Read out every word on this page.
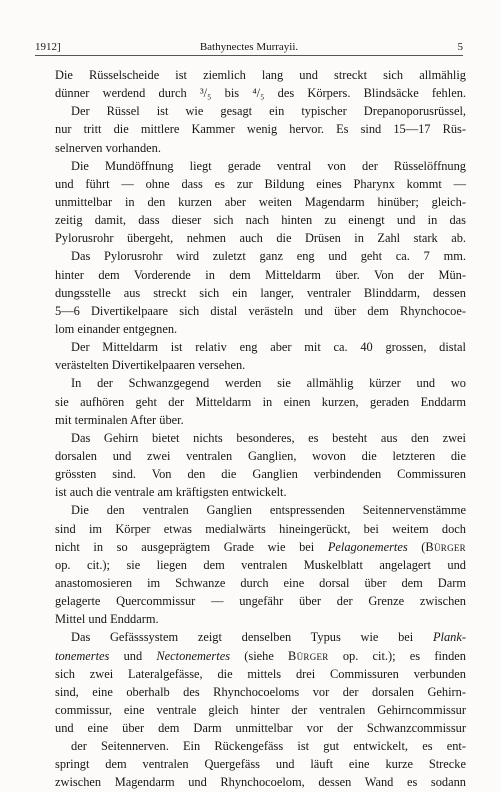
1912]	Bathynectes Murrayii.	5
Die Rüsselscheide ist ziemlich lang und streckt sich allmählig
dünner werdend durch ³/₅ bis ⁴/₅ des Körpers. Blindsäcke fehlen.
Der Rüssel ist wie gesagt ein typischer Drepanoporusrüssel,
nur tritt die mittlere Kammer wenig hervor. Es sind 15—17 Rüs-
selnerven vorhanden.
Die Mundöffnung liegt gerade ventral von der Rüsselöffnung
und führt — ohne dass es zur Bildung eines Pharynx kommt —
unmittelbar in den kurzen aber weiten Magendarm hinüber; gleich-
zeitig damit, dass dieser sich nach hinten zu einengt und in das
Pylorusrohr übergeht, nehmen auch die Drüsen in Zahl stark ab.
Das Pylorusrohr wird zuletzt ganz eng und geht ca. 7 mm.
hinter dem Vorderende in dem Mitteldarm über. Von der Mün-
dungsstelle aus streckt sich ein langer, ventraler Blinddarm, dessen
5—6 Divertikelpaare sich distal verästeln und über dem Rhynchocoe-
lom einander entgegnen.
Der Mitteldarm ist relativ eng aber mit ca. 40 grossen, distal
verästelten Divertikelpaaren versehen.
In der Schwanzgegend werden sie allmählig kürzer und wo
sie aufhören geht der Mitteldarm in einen kurzen, geraden Enddarm
mit terminalen After über.
Das Gehirn bietet nichts besonderes, es besteht aus den zwei
dorsalen und zwei ventralen Ganglien, wovon die letzteren die
grössten sind. Von den die Ganglien verbindenden Commissuren
ist auch die ventrale am kräftigsten entwickelt.
Die den ventralen Ganglien entspressenden Seitennervenstämme
sind im Körper etwas medialwärts hineingerückt, bei weitem doch
nicht in so ausgeprägtem Grade wie bei Pelagonemertes (Bürger
op. cit.); sie liegen dem ventralen Muskelblatt angelagert und
anastomosieren im Schwanze durch eine dorsal über dem Darm
gelagerte Quercommissur — ungefähr über der Grenze zwischen
Mittel und Enddarm.
Das Gefässsystem zeigt denselben Typus wie bei Plank-
tonemertes und Nectonemertes (siehe Bürger op. cit.); es finden
sich zwei Lateralgefässe, die mittels drei Commissuren verbunden
sind, eine oberhalb des Rhynchocoeloms vor der dorsalen Gehirn-
commissur, eine ventrale gleich hinter der ventralen Gehirncommissur
und eine über dem Darm unmittelbar vor der Schwanzcommissur
der Seitennerven. Ein Rückengefäss ist gut entwickelt, es ent-
springt dem ventralen Quergefäss und läuft eine kurze Strecke
zwischen Magendarm und Rhynchocoelom, dessen Wand es sodann
